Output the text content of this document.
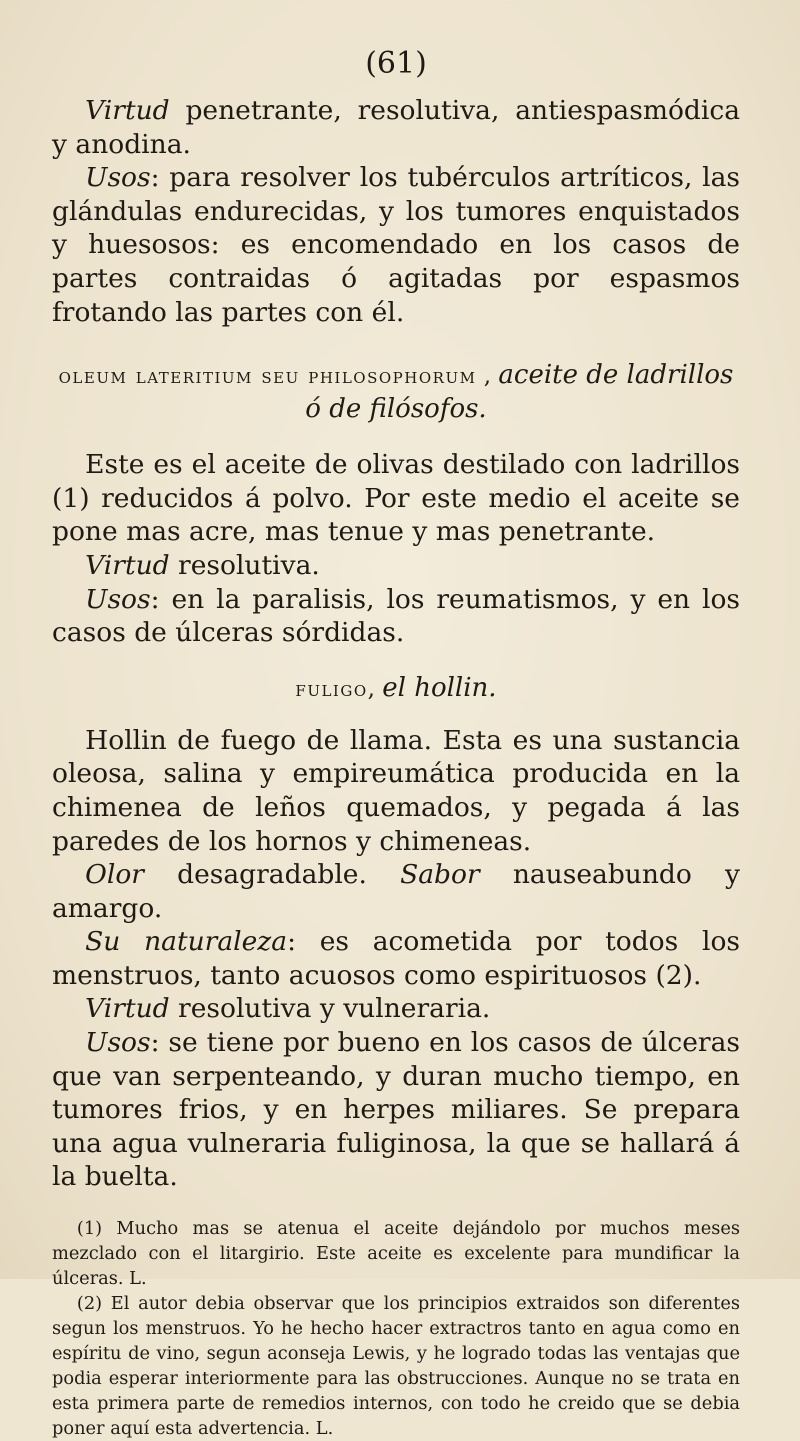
(61)

Virtud penetrante, resolutiva, antiespasmódica y anodina.

Usos: para resolver los tubérculos artríticos, las glándulas endurecidas, y los tumores enquistados y huesosos: es encomendado en los casos de partes contraidas ó agitadas por espasmos frotando las partes con él.

oleum lateritium seu philosophorum , aceite de ladrillos ó de filósofos.

Este es el aceite de olivas destilado con ladrillos (1) reducidos á polvo. Por este medio el aceite se pone mas acre, mas tenue y mas penetrante.

Virtud resolutiva.

Usos: en la paralisis, los reumatismos, y en los casos de úlceras sórdidas.

fuligo, el hollin.

Hollin de fuego de llama. Esta es una sustancia oleosa, salina y empireumática producida en la chimenea de leños quemados, y pegada á las paredes de los hornos y chimeneas.

Olor desagradable. Sabor nauseabundo y amargo.

Su naturaleza: es acometida por todos los menstruos, tanto acuosos como espirituosos (2).

Virtud resolutiva y vulneraria.

Usos: se tiene por bueno en los casos de úlceras que van serpenteando, y duran mucho tiempo, en tumores frios, y en herpes miliares. Se prepara una agua vulneraria fuliginosa, la que se hallará á la buelta.

(1) Mucho mas se atenua el aceite dejándolo por muchos meses mezclado con el litargirio. Este aceite es excelente para mundificar la úlceras. L.

(2) El autor debia observar que los principios extraidos son diferentes segun los menstruos. Yo he hecho hacer extractros tanto en agua como en espíritu de vino, segun aconseja Lewis, y he logrado todas las ventajas que podia esperar interiormente para las obstrucciones. Aunque no se trata en esta primera parte de remedios internos, con todo he creido que se debia poner aquí esta advertencia. L.
